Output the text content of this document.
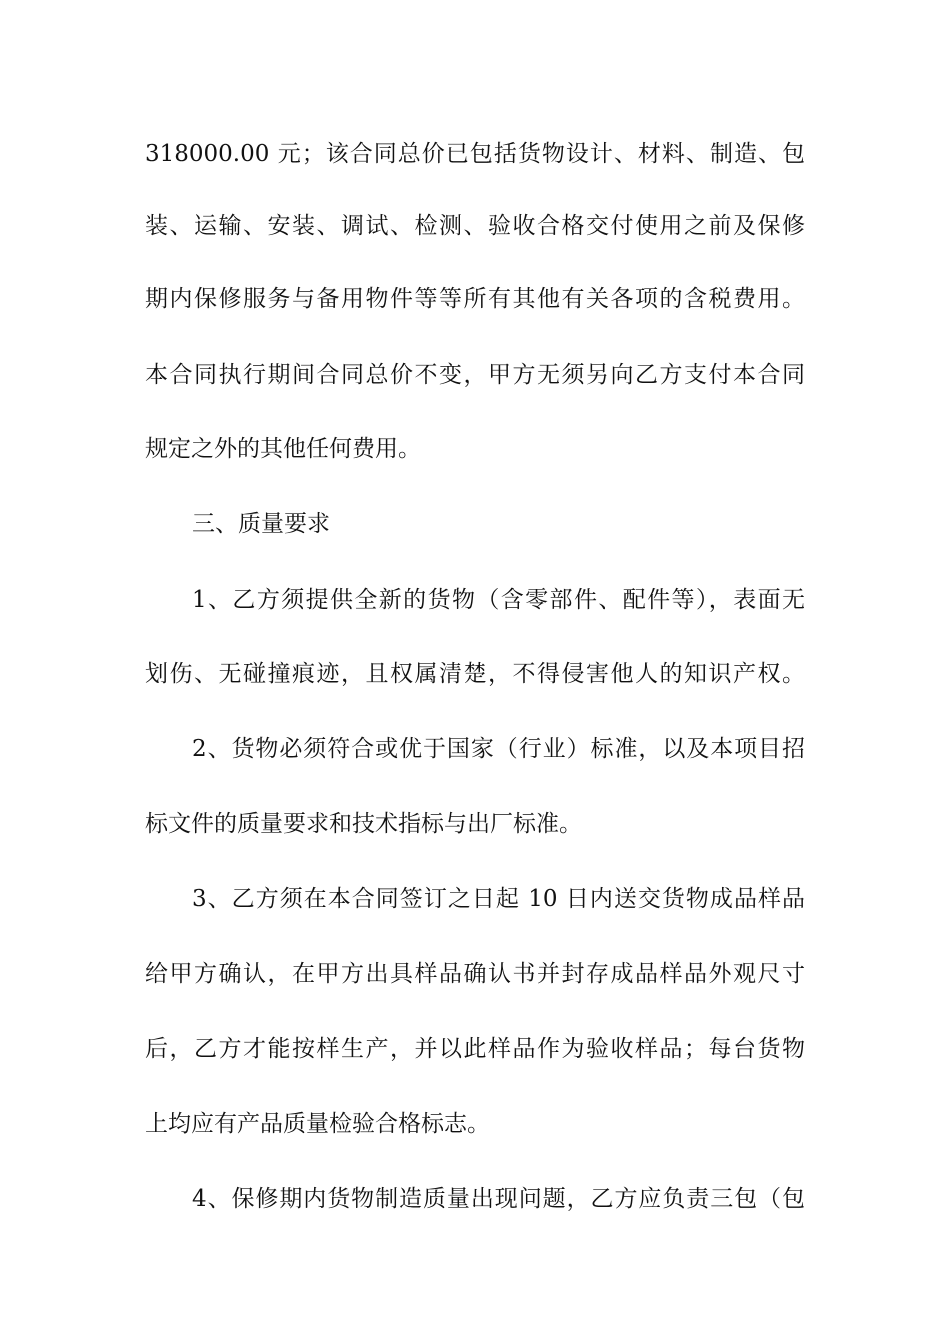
318000.00 元；该合同总价已包括货物设计、材料、制造、包
装、运输、安装、调试、检测、验收合格交付使用之前及保修
期内保修服务与备用物件等等所有其他有关各项的含税费用。
本合同执行期间合同总价不变，甲方无须另向乙方支付本合同
规定之外的其他任何费用。
三、质量要求
1、乙方须提供全新的货物（含零部件、配件等），表面无
划伤、无碰撞痕迹，且权属清楚，不得侵害他人的知识产权。
2、货物必须符合或优于国家（行业）标准，以及本项目招
标文件的质量要求和技术指标与出厂标准。
3、乙方须在本合同签订之日起 10 日内送交货物成品样品
给甲方确认，在甲方出具样品确认书并封存成品样品外观尺寸
后，乙方才能按样生产，并以此样品作为验收样品；每台货物
上均应有产品质量检验合格标志。
4、保修期内货物制造质量出现问题，乙方应负责三包（包
